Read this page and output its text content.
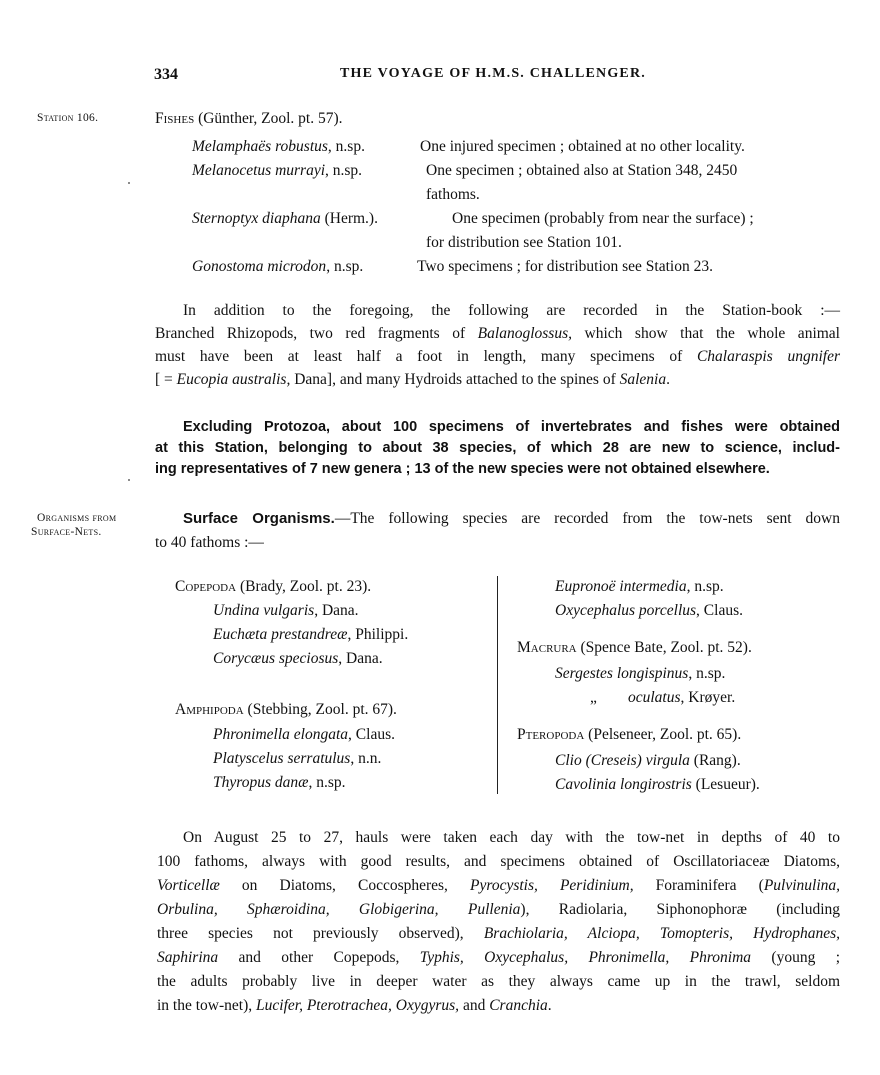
334	THE VOYAGE OF H.M.S. CHALLENGER.
Station 106.
Organisms from
Surface-Nets.
Fishes (Günther, Zool. pt. 57).
Melamphaës robustus, n.sp.	One injured specimen ; obtained at no other locality.
Melanocetus murrayi, n.sp.	One specimen ; obtained also at Station 348, 2450
fathoms.
Sternoptyx diaphana (Herm.).	One specimen (probably from near the surface) ;
for distribution see Station 101.
Gonostoma microdon, n.sp.	Two specimens ; for distribution see Station 23.
In addition to the foregoing, the following are recorded in the Station-book :—
Branched Rhizopods, two red fragments of Balanoglossus, which show that the whole animal
must have been at least half a foot in length, many specimens of Chalaraspis ungnifer
[ = Eucopia australis, Dana], and many Hydroids attached to the spines of Salenia.
Excluding Protozoa, about 100 specimens of invertebrates and fishes were obtained
at this Station, belonging to about 38 species, of which 28 are new to science, includ-
ing representatives of 7 new genera ; 13 of the new species were not obtained elsewhere.
Surface Organisms.—The following species are recorded from the tow-nets sent down
to 40 fathoms :—
Copepoda (Brady, Zool. pt. 23).
Undina vulgaris, Dana.
Euchæta prestandreæ, Philippi.
Corycæus speciosus, Dana.
Amphipoda (Stebbing, Zool. pt. 67).
Phronimella elongata, Claus.
Platyscelus serratulus, n.n.
Thyropus danæ, n.sp.
Eupronoë intermedia, n.sp.
Oxycephalus porcellus, Claus.
Macrura (Spence Bate, Zool. pt. 52).
Sergestes longispinus, n.sp.
„ oculatus, Krøyer.
Pteropoda (Pelseneer, Zool. pt. 65).
Clio (Creseis) virgula (Rang).
Cavolinia longirostris (Lesueur).
On August 25 to 27, hauls were taken each day with the tow-net in depths of 40 to
100 fathoms, always with good results, and specimens obtained of Oscillatoriaceæ Diatoms,
Vorticellæ on Diatoms, Coccospheres, Pyrocystis, Peridinium, Foraminifera (Pulvinulina,
Orbulina, Sphæroidina, Globigerina, Pullenia), Radiolaria, Siphonophoræ (including
three species not previously observed), Brachiolaria, Alciopa, Tomopteris, Hydrophanes,
Saphirina and other Copepods, Typhis, Oxycephalus, Phronimella, Phronima (young ;
the adults probably live in deeper water as they always came up in the trawl, seldom
in the tow-net), Lucifer, Pterotrachea, Oxygyrus, and Cranchia.
